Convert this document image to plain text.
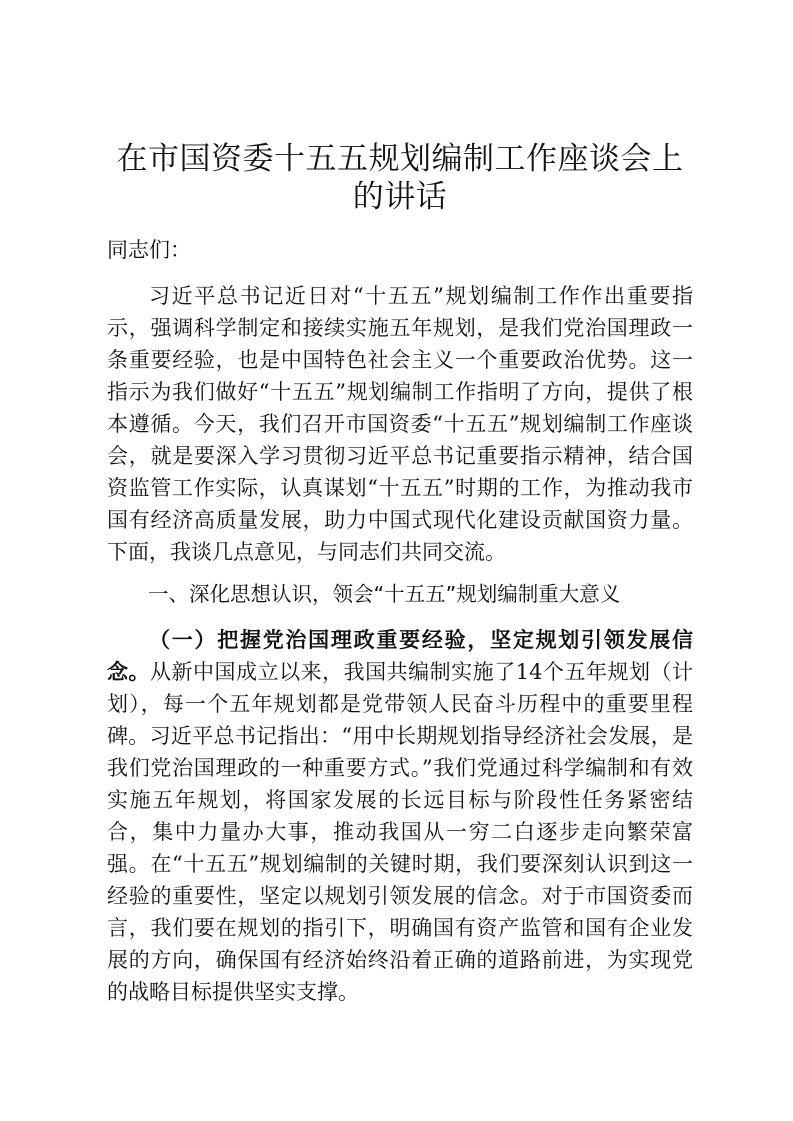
在市国资委十五五规划编制工作座谈会上的讲话

同志们：

习近平总书记近日对“十五五”规划编制工作作出重要指示，强调科学制定和接续实施五年规划，是我们党治国理政一条重要经验，也是中国特色社会主义一个重要政治优势。这一指示为我们做好“十五五”规划编制工作指明了方向，提供了根本遵循。今天，我们召开市国资委“十五五”规划编制工作座谈会，就是要深入学习贯彻习近平总书记重要指示精神，结合国资监管工作实际，认真谋划“十五五”时期的工作，为推动我市国有经济高质量发展，助力中国式现代化建设贡献国资力量。下面，我谈几点意见，与同志们共同交流。

一、深化思想认识，领会“十五五”规划编制重大意义

（一）把握党治国理政重要经验，坚定规划引领发展信念。从新中国成立以来，我国共编制实施了14个五年规划（计划），每一个五年规划都是党带领人民奋斗历程中的重要里程碑。习近平总书记指出：“用中长期规划指导经济社会发展，是我们党治国理政的一种重要方式。”我们党通过科学编制和有效实施五年规划，将国家发展的长远目标与阶段性任务紧密结合，集中力量办大事，推动我国从一穷二白逐步走向繁荣富强。在“十五五”规划编制的关键时期，我们要深刻认识到这一经验的重要性，坚定以规划引领发展的信念。对于市国资委而言，我们要在规划的指引下，明确国有资产监管和国有企业发展的方向，确保国有经济始终沿着正确的道路前进，为实现党的战略目标提供坚实支撑。
